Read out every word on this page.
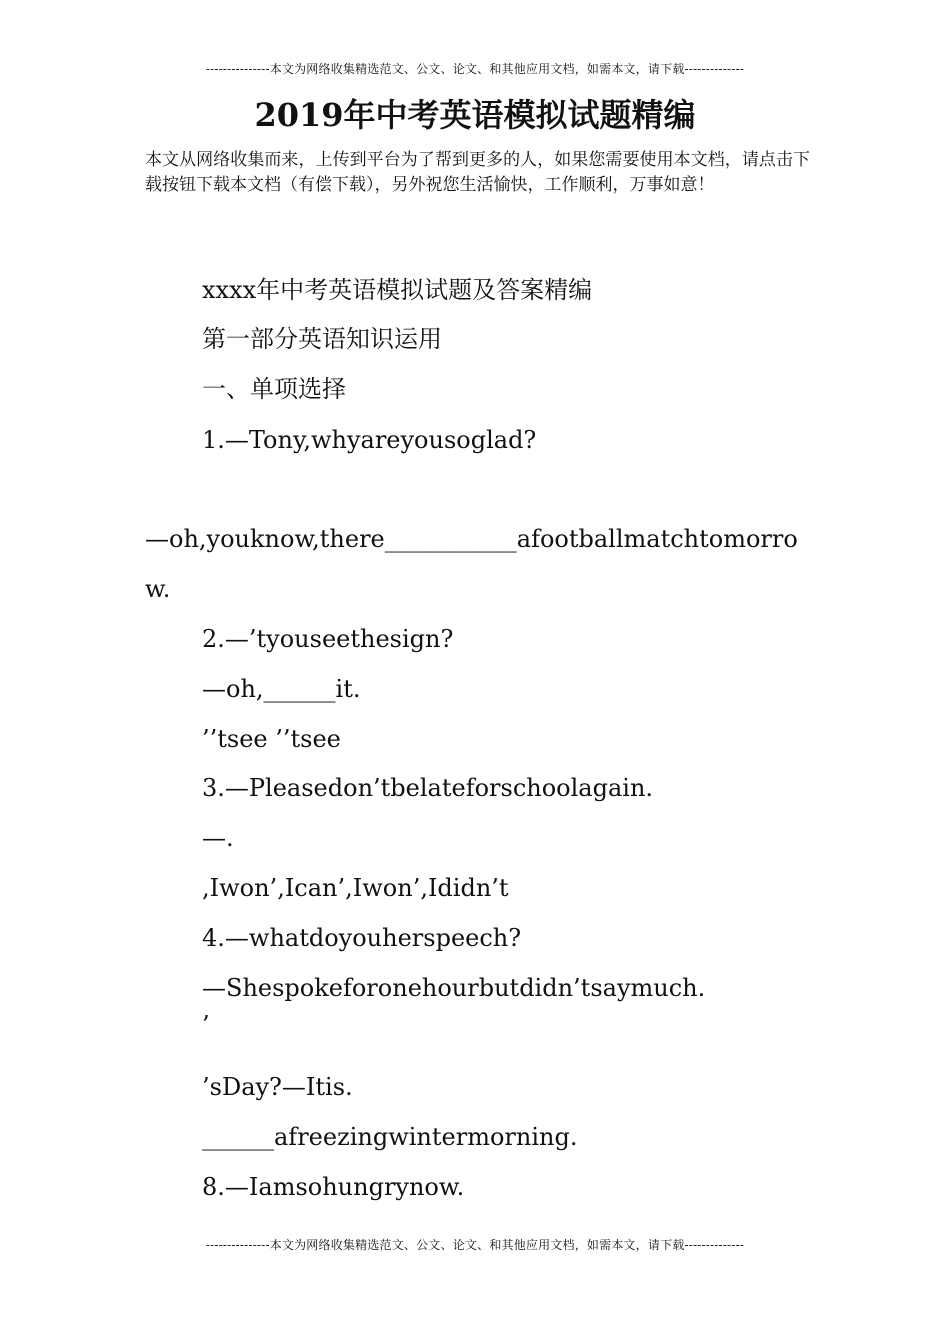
---------------本文为网络收集精选范文、公文、论文、和其他应用文档，如需本文，请下载--------------
2019年中考英语模拟试题精编

本文从网络收集而来，上传到平台为了帮到更多的人，如果您需要使用本文档，请点击下载按钮下载本文档（有偿下载），另外祝您生活愉快，工作顺利，万事如意！

xxxx年中考英语模拟试题及答案精编

第一部分英语知识运用

一、单项选择

1.—Tony,whyareyousoglad?

—oh,youknow,there___________afootballmatchtomorro

w.

2.—’tyouseethesign?

—oh,______it.

’’tsee ’’tsee

3.—Pleasedon’tbelateforschoolagain.

—.

,Iwon’,Ican’,Iwon’,Ididn’t

4.—whatdoyouherspeech?

—Shespokeforonehourbutdidn’tsaymuch.

’

’sDay?—Itis.

______afreezingwintermorning.

8.—Iamsohungrynow.

---------------本文为网络收集精选范文、公文、论文、和其他应用文档，如需本文，请下载--------------
